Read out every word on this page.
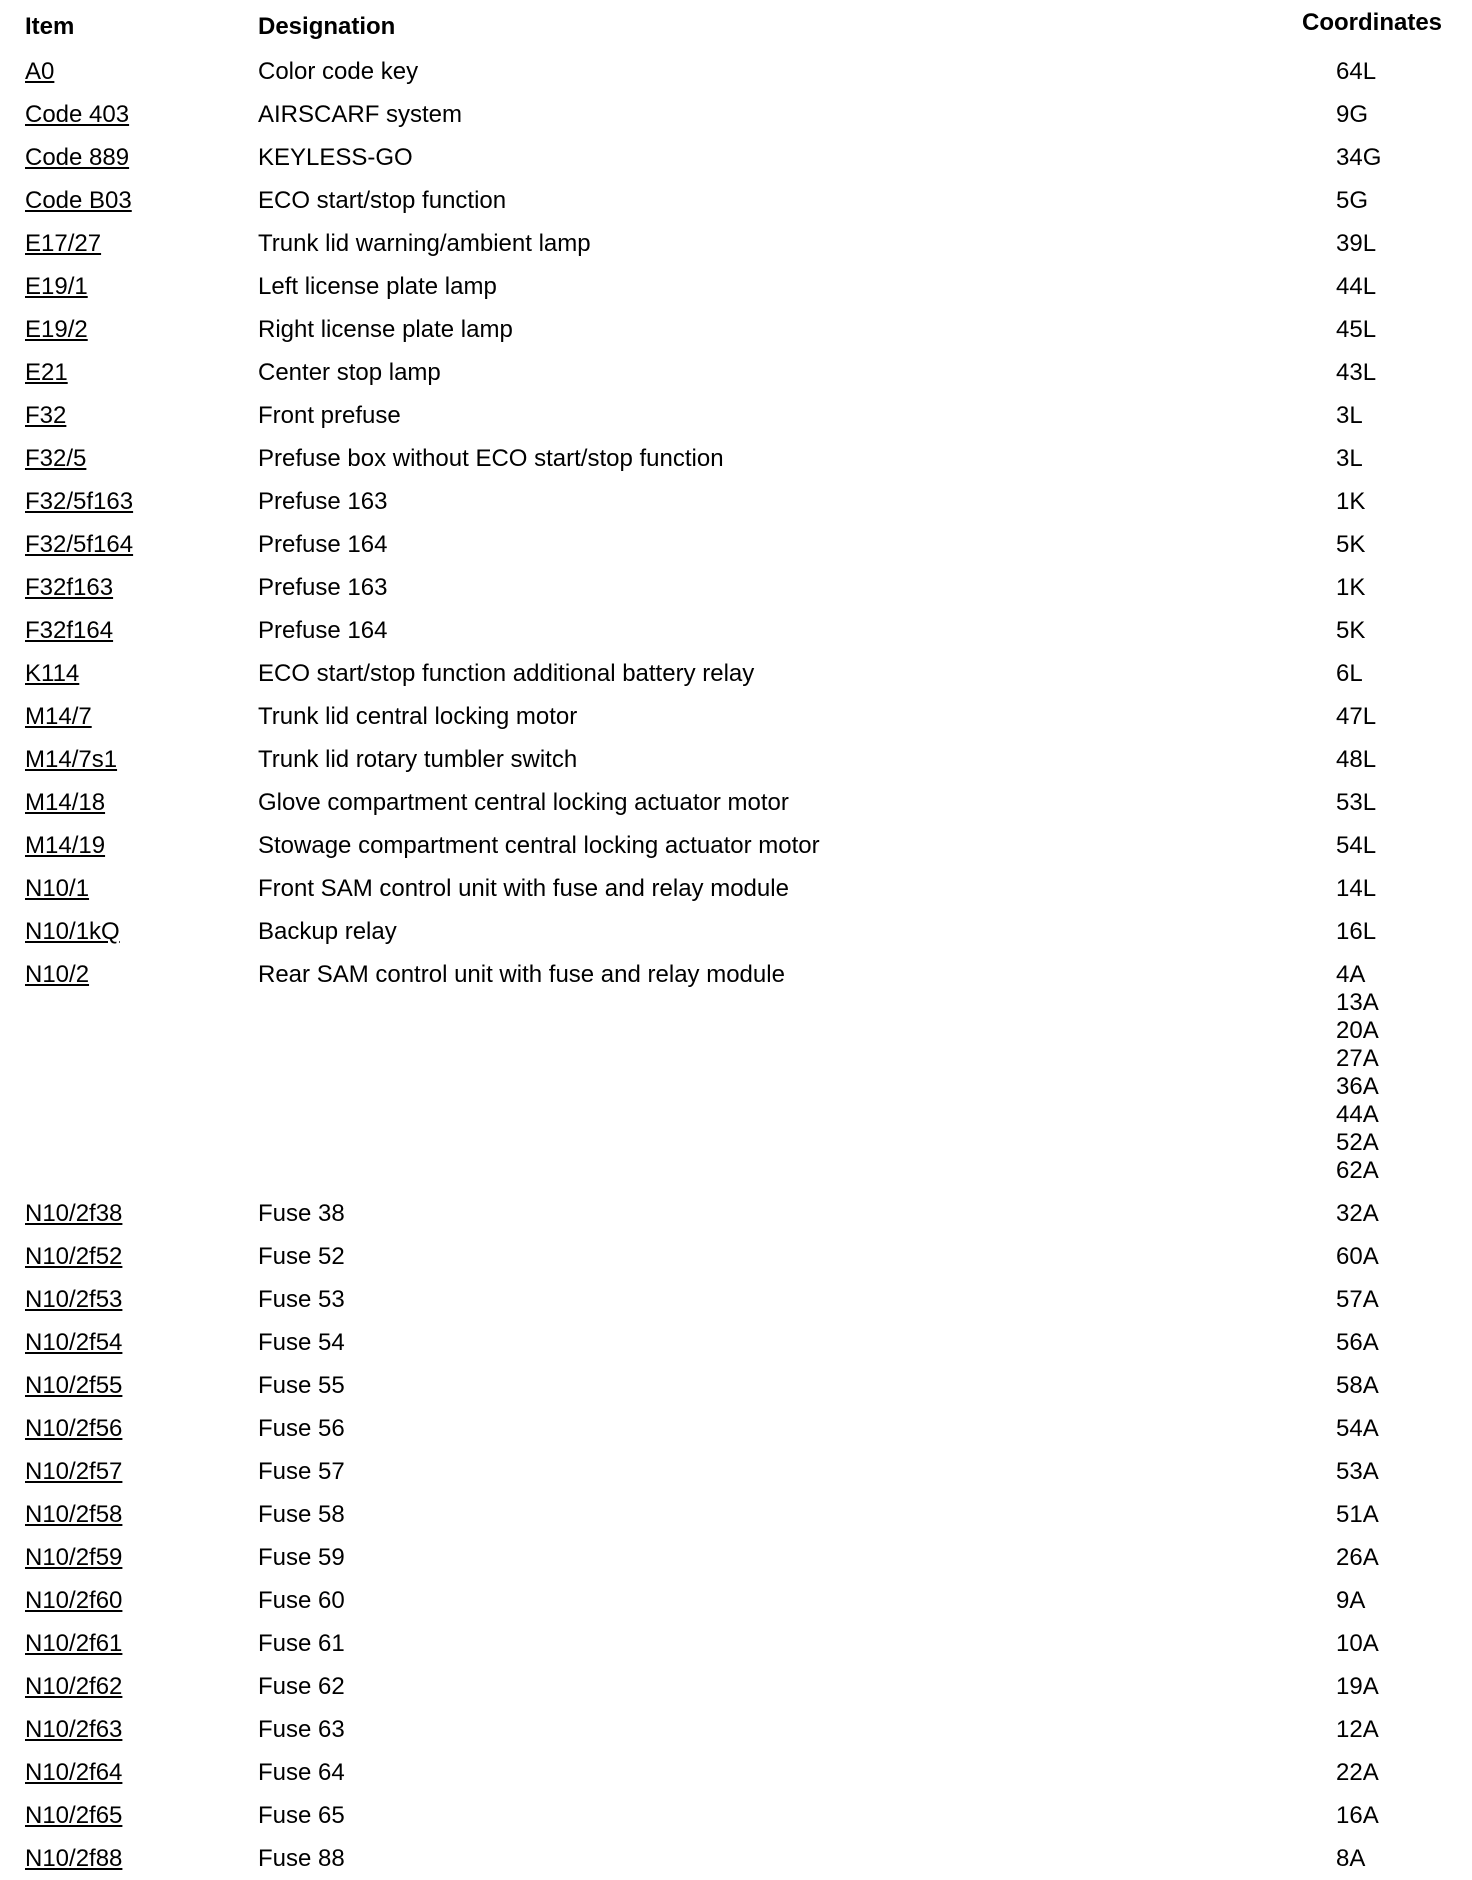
Item	Designation	Coordinates
A0	Color code key	64L
Code 403	AIRSCARF system	9G
Code 889	KEYLESS-GO	34G
Code B03	ECO start/stop function	5G
E17/27	Trunk lid warning/ambient lamp	39L
E19/1	Left license plate lamp	44L
E19/2	Right license plate lamp	45L
E21	Center stop lamp	43L
F32	Front prefuse	3L
F32/5	Prefuse box without ECO start/stop function	3L
F32/5f163	Prefuse 163	1K
F32/5f164	Prefuse 164	5K
F32f163	Prefuse 163	1K
F32f164	Prefuse 164	5K
K114	ECO start/stop function additional battery relay	6L
M14/7	Trunk lid central locking motor	47L
M14/7s1	Trunk lid rotary tumbler switch	48L
M14/18	Glove compartment central locking actuator motor	53L
M14/19	Stowage compartment central locking actuator motor	54L
N10/1	Front SAM control unit with fuse and relay module	14L
N10/1kQ	Backup relay	16L
N10/2	Rear SAM control unit with fuse and relay module	4A
13A
20A
27A
36A
44A
52A
62A
N10/2f38	Fuse 38	32A
N10/2f52	Fuse 52	60A
N10/2f53	Fuse 53	57A
N10/2f54	Fuse 54	56A
N10/2f55	Fuse 55	58A
N10/2f56	Fuse 56	54A
N10/2f57	Fuse 57	53A
N10/2f58	Fuse 58	51A
N10/2f59	Fuse 59	26A
N10/2f60	Fuse 60	9A
N10/2f61	Fuse 61	10A
N10/2f62	Fuse 62	19A
N10/2f63	Fuse 63	12A
N10/2f64	Fuse 64	22A
N10/2f65	Fuse 65	16A
N10/2f88	Fuse 88	8A
